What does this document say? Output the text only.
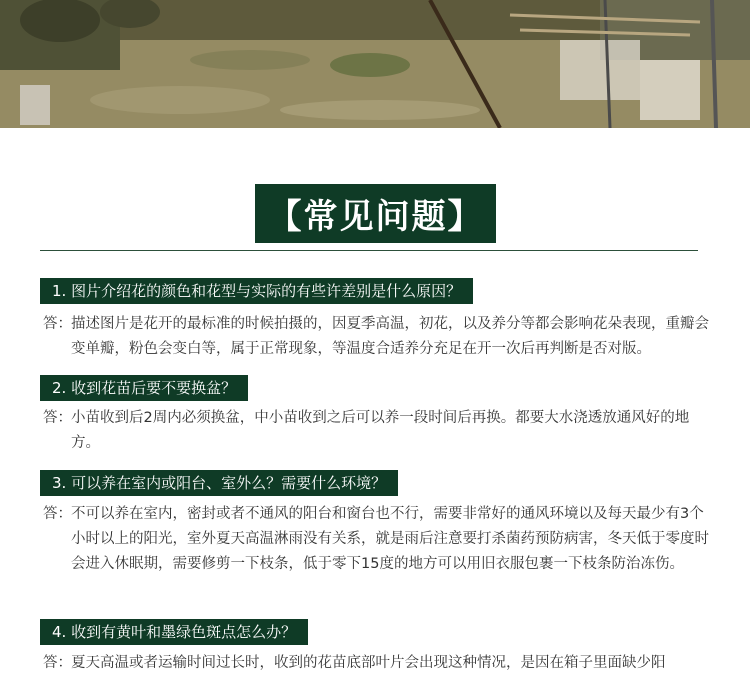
【常见问题】
1. 图片介绍花的颜色和花型与实际的有些许差别是什么原因？
答： 描述图片是花开的最标准的时候拍摄的，因夏季高温，初花，以及养分等都会影响花朵表现，重瓣会变单瓣，粉色会变白等，属于正常现象，等温度合适养分充足在开一次后再判断是否对版。
2. 收到花苗后要不要换盆？
答： 小苗收到后2周内必须换盆，中小苗收到之后可以养一段时间后再换。都要大水浇透放通风好的地方。
3. 可以养在室内或阳台、室外么？需要什么环境？
答： 不可以养在室内，密封或者不通风的阳台和窗台也不行，需要非常好的通风环境以及每天最少有3个小时以上的阳光，室外夏天高温淋雨没有关系，就是雨后注意要打杀菌药预防病害，冬天低于零度时会进入休眠期，需要修剪一下枝条，低于零下15度的地方可以用旧衣服包裹一下枝条防治冻伤。
4. 收到有黄叶和墨绿色斑点怎么办？
答： 夏天高温或者运输时间过长时，收到的花苗底部叶片会出现这种情况，是因在箱子里面缺少阳
